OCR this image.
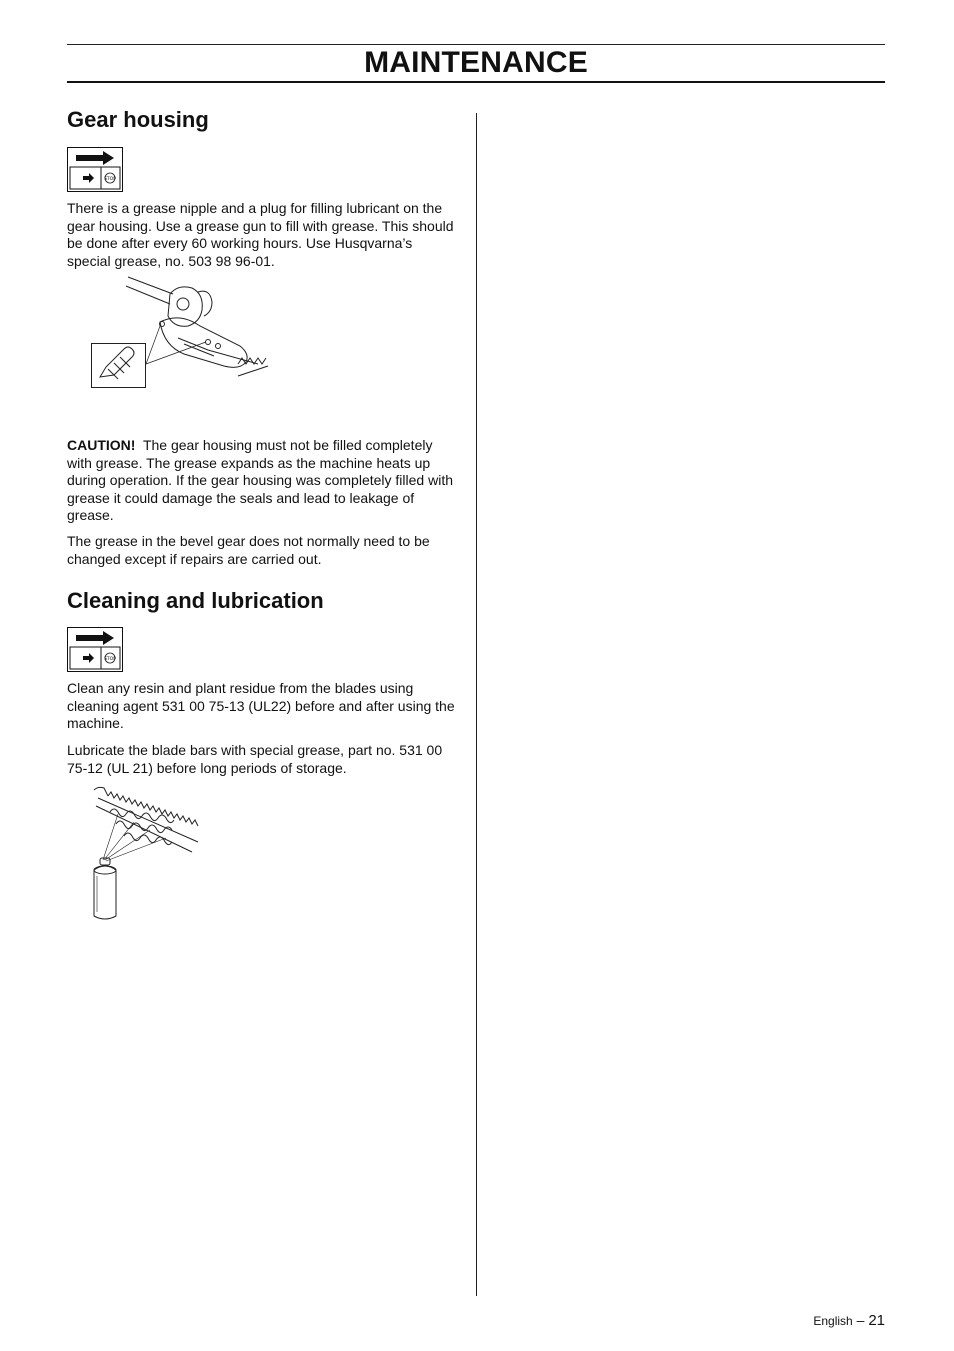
MAINTENANCE
Gear housing
STOP

There is a grease nipple and a plug for filling lubricant on the gear housing. Use a grease gun to fill with grease. This should be done after every 60 working hours. Use Husqvarna’s special grease, no. 503 98 96-01.

CAUTION! The gear housing must not be filled completely with grease. The grease expands as the machine heats up during operation. If the gear housing was completely filled with grease it could damage the seals and lead to leakage of grease.

The grease in the bevel gear does not normally need to be changed except if repairs are carried out.

Cleaning and lubrication
STOP

Clean any resin and plant residue from the blades using cleaning agent 531 00 75-13 (UL22) before and after using the machine.

Lubricate the blade bars with special grease, part no. 531 00 75-12 (UL 21) before long periods of storage.

English – 21
